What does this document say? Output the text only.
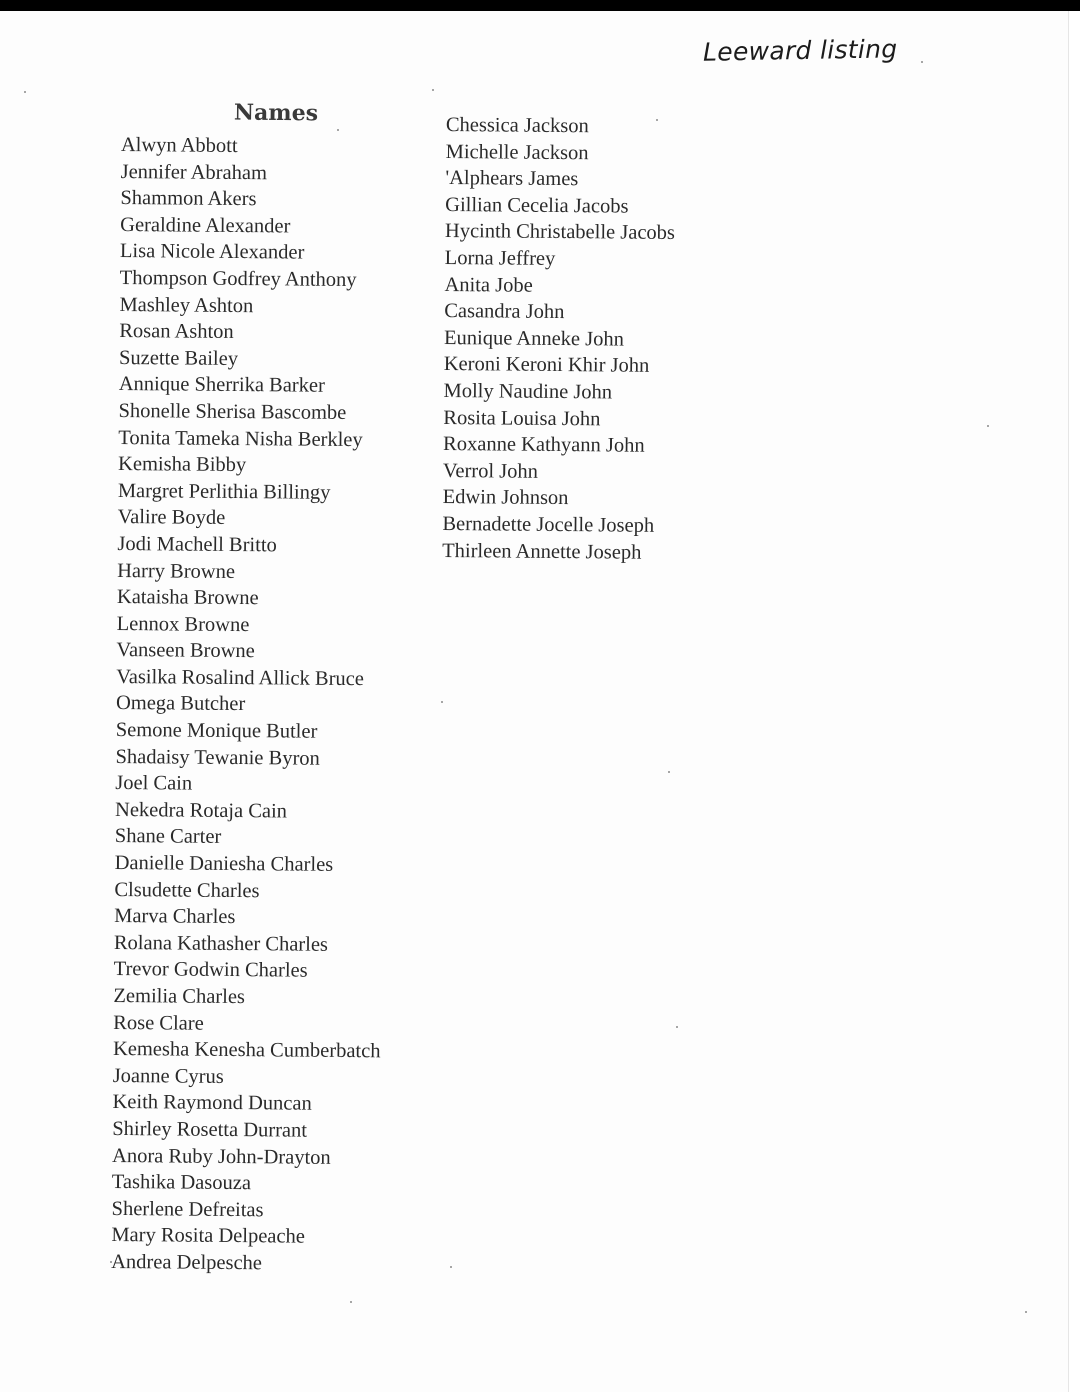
Leeward listing
Names
Alwyn Abbott
Jennifer Abraham
Shammon Akers
Geraldine Alexander
Lisa Nicole Alexander
Thompson Godfrey Anthony
Mashley Ashton
Rosan Ashton
Suzette Bailey
Annique Sherrika Barker
Shonelle Sherisa Bascombe
Tonita Tameka Nisha Berkley
Kemisha Bibby
Margret Perlithia Billingy
Valire Boyde
Jodi Machell Britto
Harry Browne
Kataisha Browne
Lennox Browne
Vanseen Browne
Vasilka Rosalind Allick Bruce
Omega Butcher
Semone Monique Butler
Shadaisy Tewanie Byron
Joel Cain
Nekedra Rotaja Cain
Shane Carter
Danielle Daniesha Charles
Clsudette Charles
Marva Charles
Rolana Kathasher Charles
Trevor Godwin Charles
Zemilia Charles
Rose Clare
Kemesha Kenesha Cumberbatch
Joanne Cyrus
Keith Raymond Duncan
Shirley Rosetta Durrant
Anora Ruby John-Drayton
Tashika Dasouza
Sherlene Defreitas
Mary Rosita Delpeache
Andrea Delpesche
Chessica Jackson
Michelle Jackson
'Alphears James
Gillian Cecelia Jacobs
Hycinth Christabelle Jacobs
Lorna Jeffrey
Anita Jobe
Casandra John
Eunique Anneke John
Keroni Keroni Khir John
Molly Naudine John
Rosita Louisa John
Roxanne Kathyann John
Verrol John
Edwin Johnson
Bernadette Jocelle Joseph
Thirleen Annette Joseph
